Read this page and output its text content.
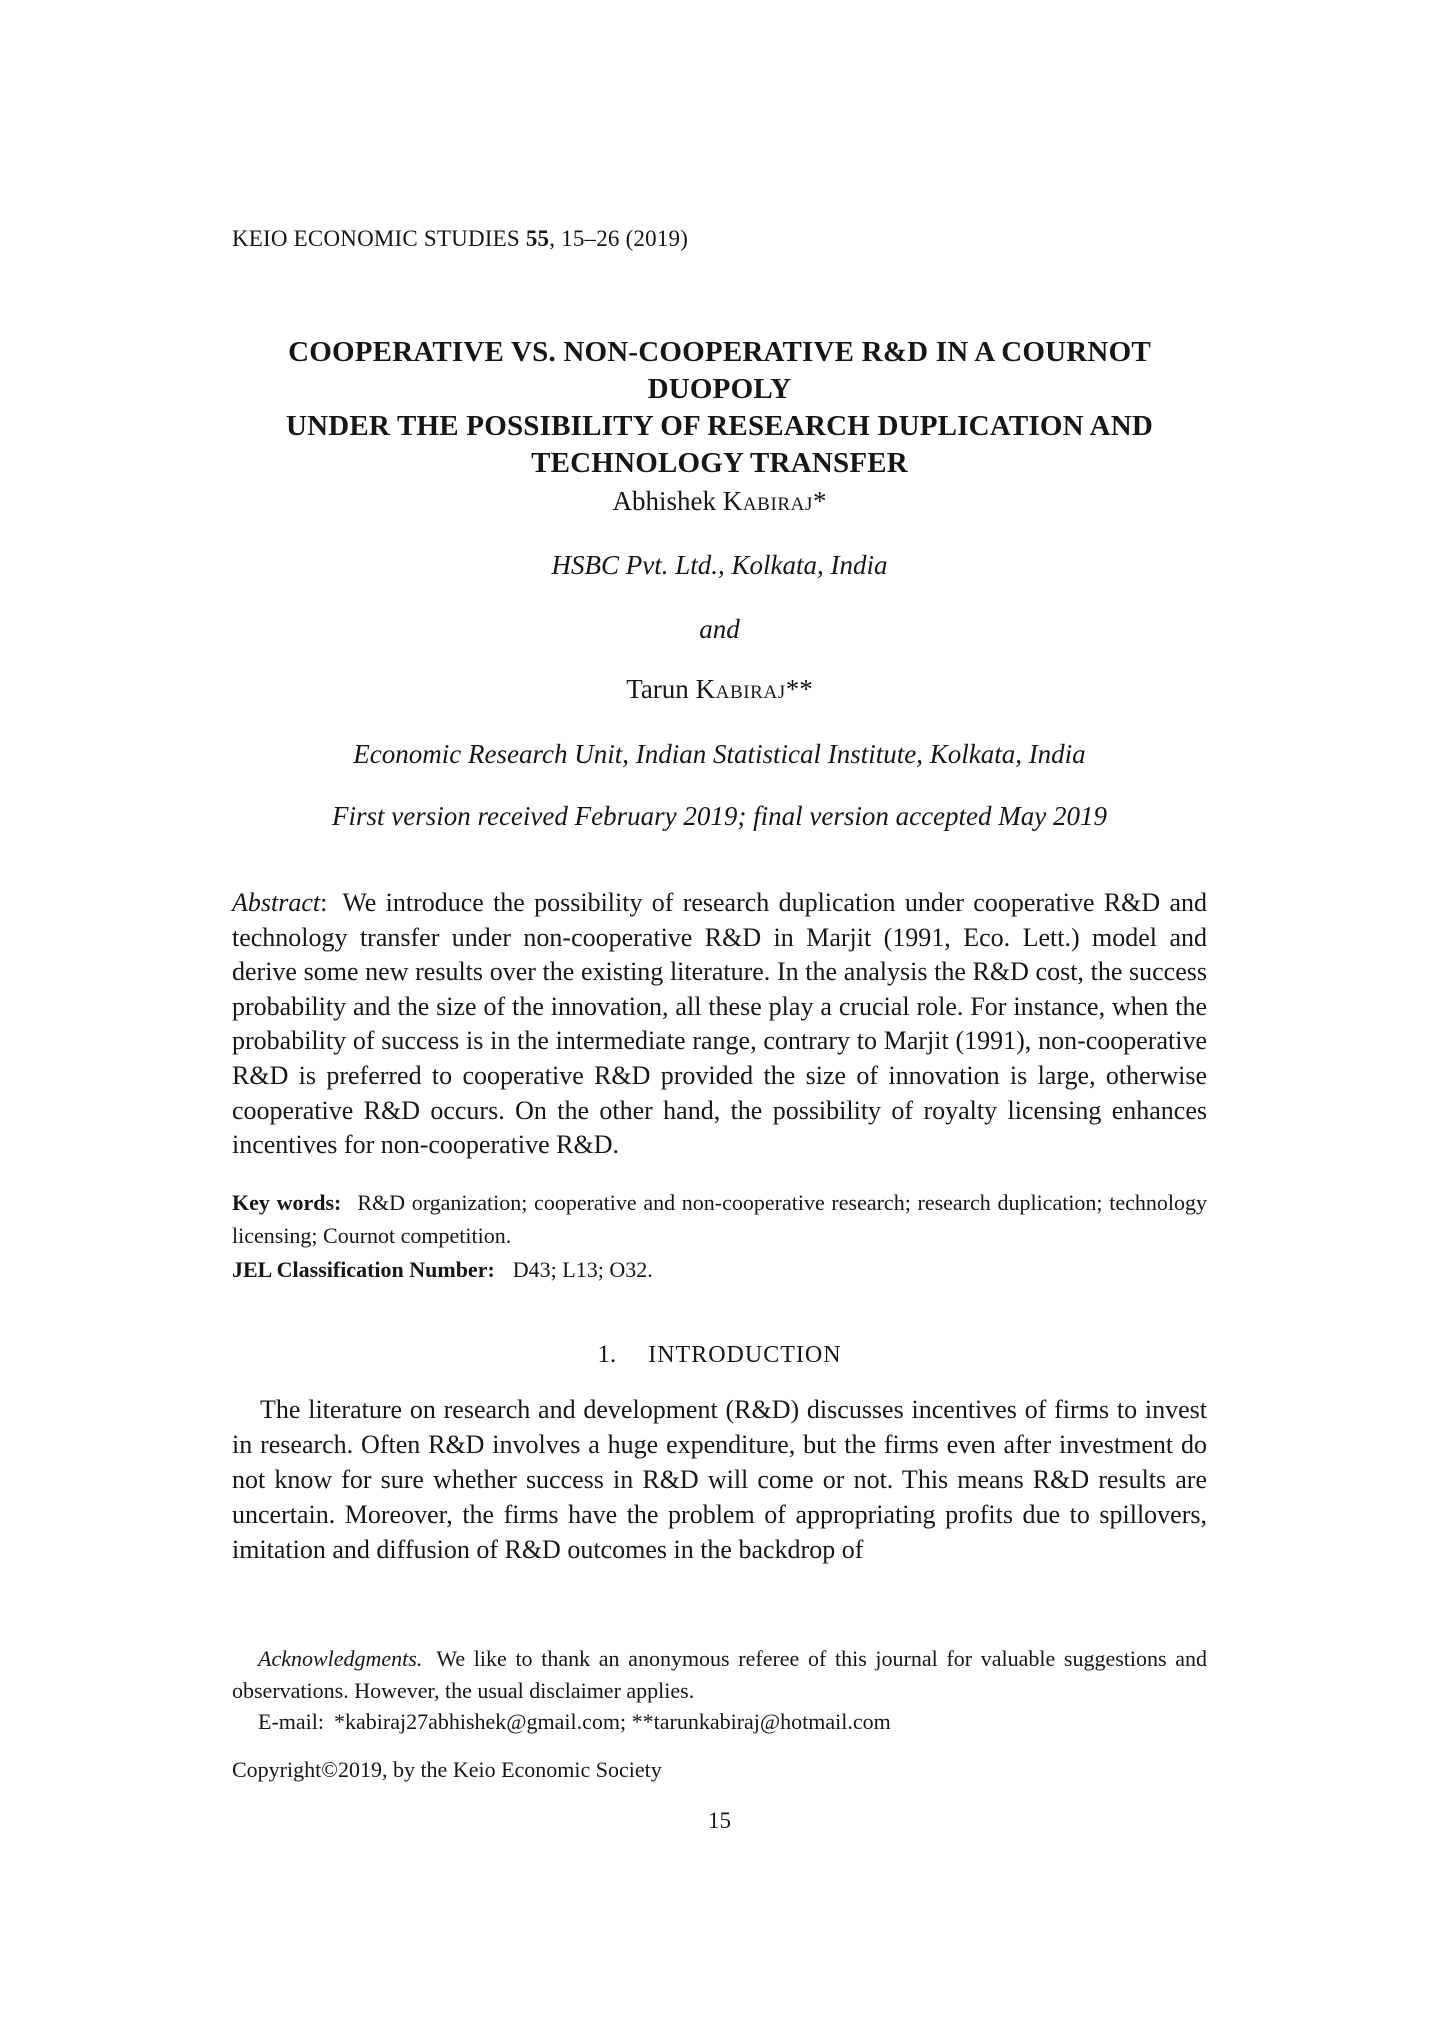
KEIO ECONOMIC STUDIES 55, 15–26 (2019)
COOPERATIVE VS. NON-COOPERATIVE R&D IN A COURNOT DUOPOLY
UNDER THE POSSIBILITY OF RESEARCH DUPLICATION AND
TECHNOLOGY TRANSFER
Abhishek Kabiraj*
HSBC Pvt. Ltd., Kolkata, India
and
Tarun Kabiraj**
Economic Research Unit, Indian Statistical Institute, Kolkata, India
First version received February 2019; final version accepted May 2019
Abstract: We introduce the possibility of research duplication under cooperative R&D and technology transfer under non-cooperative R&D in Marjit (1991, Eco. Lett.) model and derive some new results over the existing literature. In the analysis the R&D cost, the success probability and the size of the innovation, all these play a crucial role. For instance, when the probability of success is in the intermediate range, contrary to Marjit (1991), non-cooperative R&D is preferred to cooperative R&D provided the size of innovation is large, otherwise cooperative R&D occurs. On the other hand, the possibility of royalty licensing enhances incentives for non-cooperative R&D.
Key words: R&D organization; cooperative and non-cooperative research; research duplication; technology licensing; Cournot competition.
JEL Classification Number: D43; L13; O32.
1. INTRODUCTION

The literature on research and development (R&D) discusses incentives of firms to invest in research. Often R&D involves a huge expenditure, but the firms even after investment do not know for sure whether success in R&D will come or not. This means R&D results are uncertain. Moreover, the firms have the problem of appropriating profits due to spillovers, imitation and diffusion of R&D outcomes in the backdrop of

Acknowledgments. We like to thank an anonymous referee of this journal for valuable suggestions and observations. However, the usual disclaimer applies.

E-mail: *kabiraj27abhishek@gmail.com; **tarunkabiraj@hotmail.com

Copyright©2019, by the Keio Economic Society
15
